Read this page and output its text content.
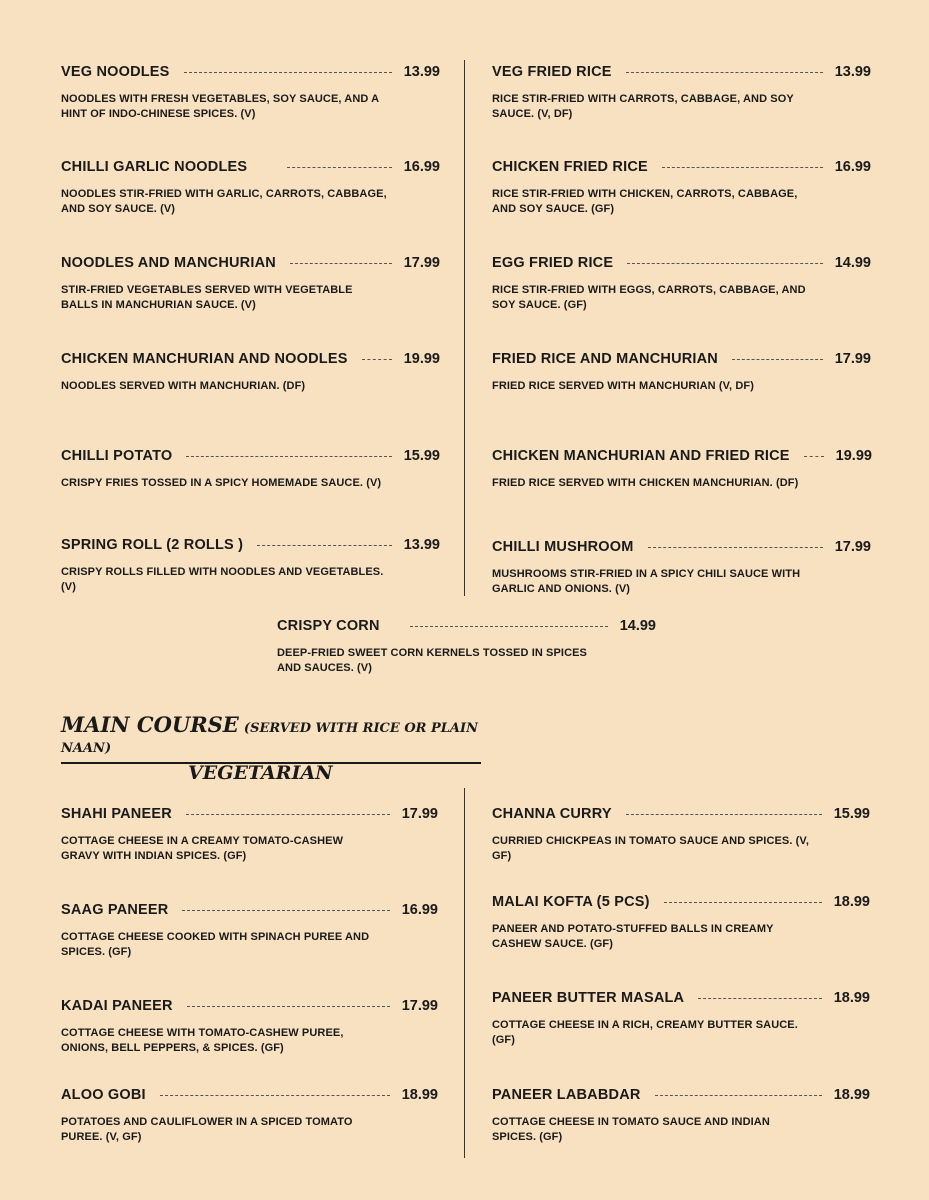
VEG NOODLES	13.99
NOODLES WITH FRESH VEGETABLES, SOY SAUCE, AND A HINT OF INDO-CHINESE SPICES. (V)
CHILLI GARLIC NOODLES	16.99
NOODLES STIR-FRIED WITH GARLIC, CARROTS, CABBAGE, AND SOY SAUCE. (V)
NOODLES AND MANCHURIAN	17.99
STIR-FRIED VEGETABLES SERVED WITH VEGETABLE BALLS IN MANCHURIAN SAUCE. (V)
CHICKEN MANCHURIAN AND NOODLES	19.99
NOODLES SERVED WITH MANCHURIAN. (DF)
CHILLI POTATO	15.99
CRISPY FRIES TOSSED IN A SPICY HOMEMADE SAUCE. (V)
SPRING ROLL (2 ROLLS )	13.99
CRISPY ROLLS FILLED WITH NOODLES AND VEGETABLES. (V)
VEG FRIED RICE	13.99
RICE STIR-FRIED WITH CARROTS, CABBAGE, AND SOY SAUCE. (V, DF)
CHICKEN FRIED RICE	16.99
RICE STIR-FRIED WITH CHICKEN, CARROTS, CABBAGE, AND SOY SAUCE. (GF)
EGG FRIED RICE	14.99
RICE STIR-FRIED WITH EGGS, CARROTS, CABBAGE, AND SOY SAUCE. (GF)
FRIED RICE AND MANCHURIAN	17.99
FRIED RICE SERVED WITH MANCHURIAN (V, DF)
CHICKEN MANCHURIAN AND FRIED RICE	19.99
FRIED RICE SERVED WITH CHICKEN MANCHURIAN. (DF)
CHILLI MUSHROOM	17.99
MUSHROOMS STIR-FRIED IN A SPICY CHILI SAUCE WITH GARLIC AND ONIONS. (V)
CRISPY CORN	14.99
DEEP-FRIED SWEET CORN KERNELS TOSSED IN SPICES AND SAUCES. (V)
MAIN COURSE (SERVED WITH RICE OR PLAIN NAAN)
VEGETARIAN
SHAHI PANEER	17.99
COTTAGE CHEESE IN A CREAMY TOMATO-CASHEW GRAVY WITH INDIAN SPICES. (GF)
SAAG PANEER	16.99
COTTAGE CHEESE COOKED WITH SPINACH PUREE AND SPICES. (GF)
KADAI PANEER	17.99
COTTAGE CHEESE WITH TOMATO-CASHEW PUREE, ONIONS, BELL PEPPERS, & SPICES. (GF)
ALOO GOBI	18.99
POTATOES AND CAULIFLOWER IN A SPICED TOMATO PUREE. (V, GF)
CHANNA CURRY	15.99
CURRIED CHICKPEAS IN TOMATO SAUCE AND SPICES. (V, GF)
MALAI KOFTA (5 PCS)	18.99
PANEER AND POTATO-STUFFED BALLS IN CREAMY CASHEW SAUCE. (GF)
PANEER BUTTER MASALA	18.99
COTTAGE CHEESE IN A RICH, CREAMY BUTTER SAUCE. (GF)
PANEER LABABDAR	18.99
COTTAGE CHEESE IN TOMATO SAUCE AND INDIAN SPICES. (GF)
